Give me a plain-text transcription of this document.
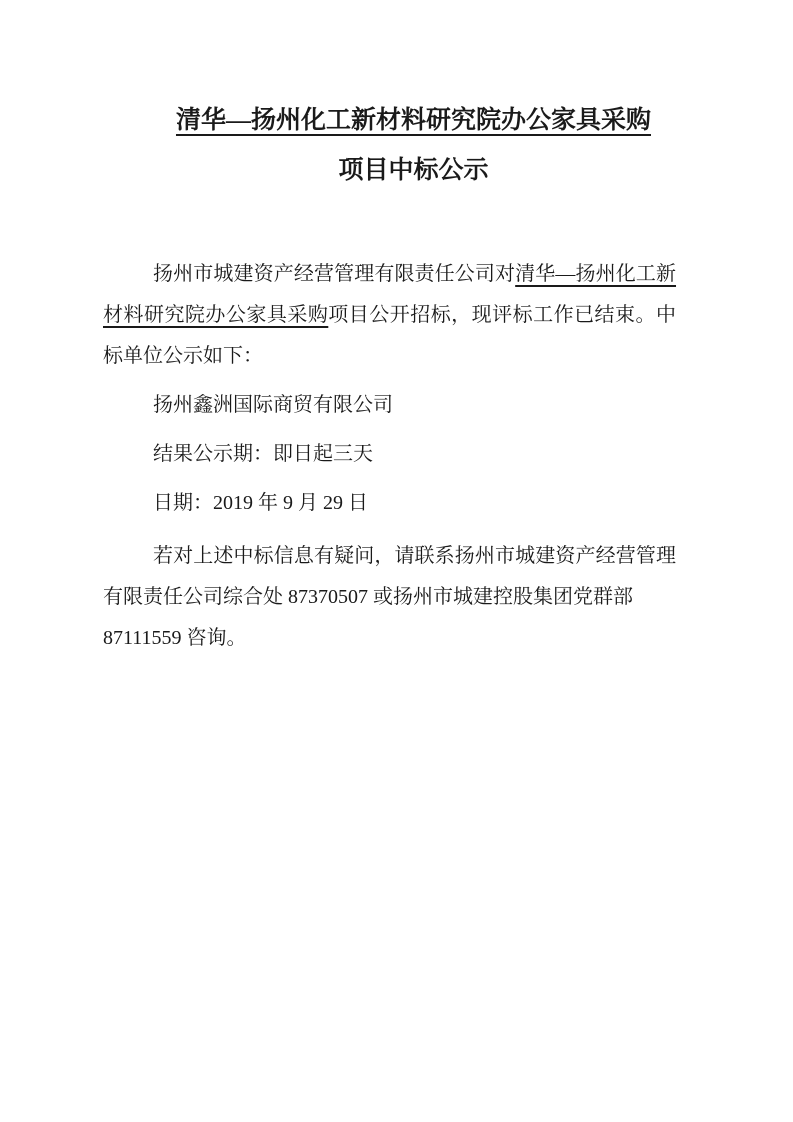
清华—扬州化工新材料研究院办公家具采购
项目中标公示

扬州市城建资产经营管理有限责任公司对清华—扬州化工新
材料研究院办公家具采购项目公开招标，现评标工作已结束。中
标单位公示如下：

扬州鑫洲国际商贸有限公司

结果公示期：即日起三天

日期：2019 年 9 月 29 日

若对上述中标信息有疑问，请联系扬州市城建资产经营管理
有限责任公司综合处 87370507 或扬州市城建控股集团党群部
87111559 咨询。
